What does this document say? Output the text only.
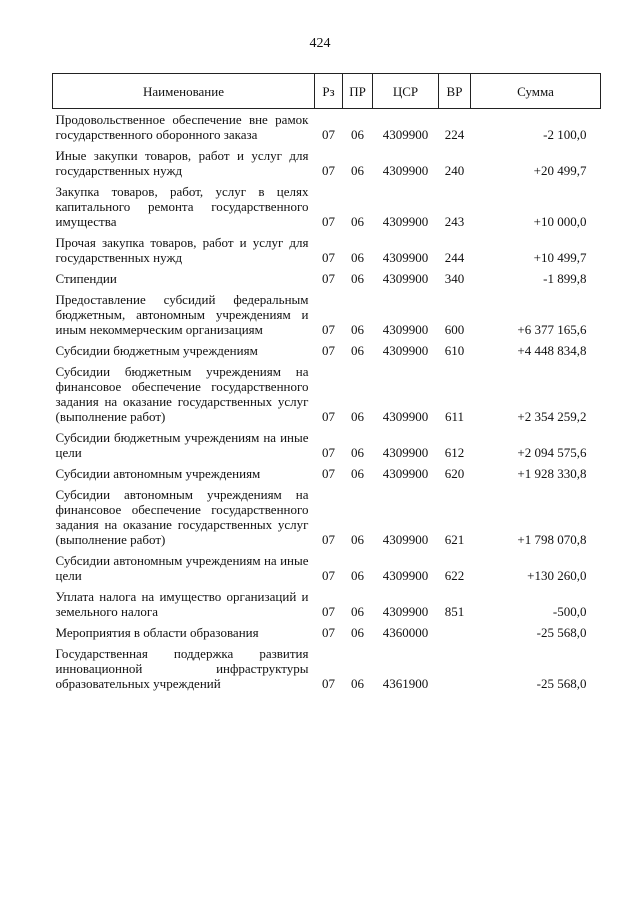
424
Наименование	Рз	ПР	ЦСР	ВР	Сумма
Продовольственное обеспечение вне рамок государственного оборонного заказа	07	06	4309900	224	-2 100,0
Иные закупки товаров, работ и услуг для государственных нужд	07	06	4309900	240	+20 499,7
Закупка товаров, работ, услуг в целях капитального ремонта государственного имущества	07	06	4309900	243	+10 000,0
Прочая закупка товаров, работ и услуг для государственных нужд	07	06	4309900	244	+10 499,7
Стипендии	07	06	4309900	340	-1 899,8
Предоставление субсидий федеральным бюджетным, автономным учреждениям и иным некоммерческим организациям	07	06	4309900	600	+6 377 165,6
Субсидии бюджетным учреждениям	07	06	4309900	610	+4 448 834,8
Субсидии бюджетным учреждениям на финансовое обеспечение государственного задания на оказание государственных услуг (выполнение работ)	07	06	4309900	611	+2 354 259,2
Субсидии бюджетным учреждениям на иные цели	07	06	4309900	612	+2 094 575,6
Субсидии автономным учреждениям	07	06	4309900	620	+1 928 330,8
Субсидии автономным учреждениям на финансовое обеспечение государственного задания на оказание государственных услуг (выполнение работ)	07	06	4309900	621	+1 798 070,8
Субсидии автономным учреждениям на иные цели	07	06	4309900	622	+130 260,0
Уплата налога на имущество организаций и земельного налога	07	06	4309900	851	-500,0
Мероприятия в области образования	07	06	4360000		-25 568,0
Государственная поддержка развития инновационной инфраструктуры образовательных учреждений	07	06	4361900		-25 568,0
